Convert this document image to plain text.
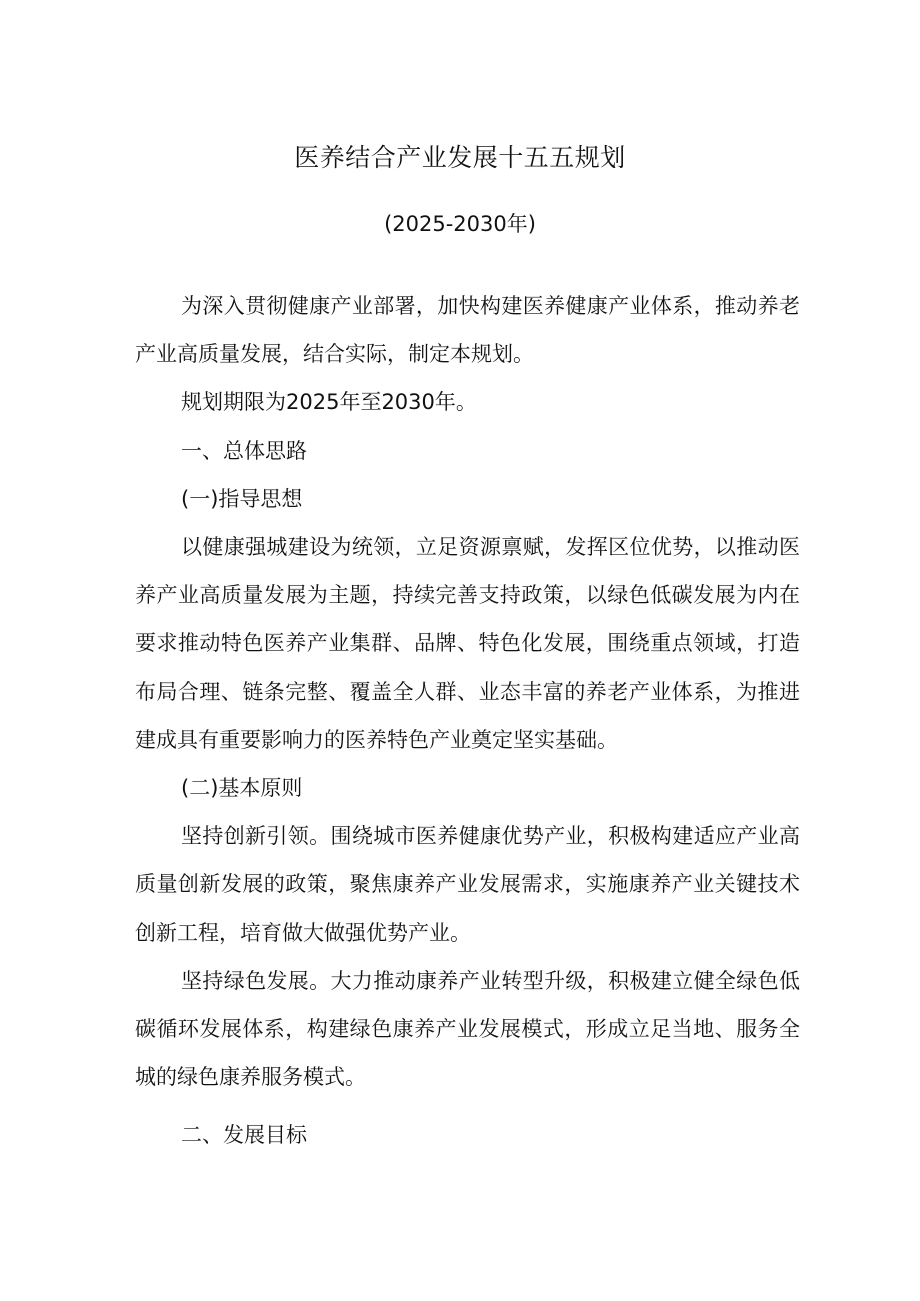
医养结合产业发展十五五规划
(2025-2030年)

为深入贯彻健康产业部署，加快构建医养健康产业体系，推动养老产业高质量发展，结合实际，制定本规划。

规划期限为2025年至2030年。

一、总体思路

(一)指导思想

以健康强城建设为统领，立足资源禀赋，发挥区位优势，以推动医养产业高质量发展为主题，持续完善支持政策，以绿色低碳发展为内在要求推动特色医养产业集群、品牌、特色化发展，围绕重点领域，打造布局合理、链条完整、覆盖全人群、业态丰富的养老产业体系，为推进建成具有重要影响力的医养特色产业奠定坚实基础。

(二)基本原则

坚持创新引领。围绕城市医养健康优势产业，积极构建适应产业高质量创新发展的政策，聚焦康养产业发展需求，实施康养产业关键技术创新工程，培育做大做强优势产业。

坚持绿色发展。大力推动康养产业转型升级，积极建立健全绿色低碳循环发展体系，构建绿色康养产业发展模式，形成立足当地、服务全城的绿色康养服务模式。

二、发展目标
